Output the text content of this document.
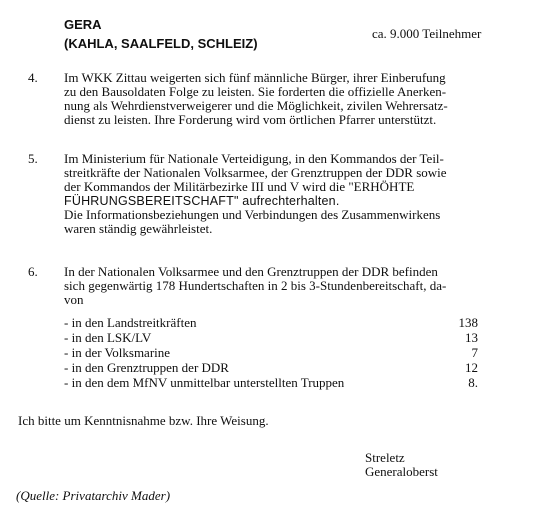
GERA
(KAHLA, SAALFELD, SCHLEIZ)
ca. 9.000 Teilnehmer
4.	Im WKK Zittau weigerten sich fünf männliche Bürger, ihrer Einberufung
zu den Bausoldaten Folge zu leisten. Sie forderten die offizielle Anerken-
nung als Wehrdienstverweigerer und die Möglichkeit, zivilen Wehrersatz-
dienst zu leisten. Ihre Forderung wird vom örtlichen Pfarrer unterstützt.
5.	Im Ministerium für Nationale Verteidigung, in den Kommandos der Teil-
streitkräfte der Nationalen Volksarmee, der Grenztruppen der DDR sowie
der Kommandos der Militärbezirke III und V wird die "ERHÖHTE
FÜHRUNGSBEREITSCHAFT" aufrechterhalten.
Die Informationsbeziehungen und Verbindungen des Zusammenwirkens
waren ständig gewährleistet.
6.	In der Nationalen Volksarmee und den Grenztruppen der DDR befinden
sich gegenwärtig 178 Hundertschaften in 2 bis 3-Stundenbereitschaft, da-
von
- in den Landstreitkräften	138
- in den LSK/LV	13
- in der Volksmarine	7
- in den Grenztruppen der DDR	12
- in den dem MfNV unmittelbar unterstellten Truppen	8.
Ich bitte um Kenntnisnahme bzw. Ihre Weisung.
Streletz
Generaloberst
(Quelle: Privatarchiv Mader)
